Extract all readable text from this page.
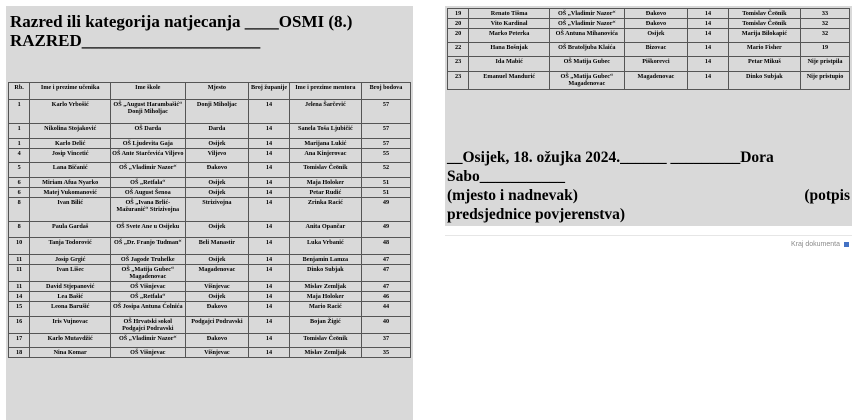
Razred ili kategorija natjecanja ____OSMI (8.)
RAZRED_____________________
Rb.	Ime i prezime učenika	Ime škole	Mjesto	Broj županije	Ime i prezime mentora	Broj bodova
1	Karlo Vrbošić	OŠ „August Harambašić“ Donji Miholjac	Donji Miholjac	14	Jelena Šarčević	57
1	Nikolina Stojaković	OŠ Darda	Darda	14	Sanela Toša Ljubičić	57
1	Karlo Delić	OŠ Ljudevita Gaja	Osijek	14	Marijana Lukić	57
4	Josip Vincetić	OŠ Ante Starčevića Viljevo	Viljevo	14	Ana Kinjerovac	55
5	Lana Bičanić	OŠ „Vladimir Nazor“	Đakovo	14	Tomislav Čeönik	52
6	Miriam Afua Nyarko	OŠ „Retfala“	Osijek	14	Maja Holoker	51
6	Matej Vukomanović	OŠ August Šenoa	Osijek	14	Petar Rudić	51
8	Ivan Bilić	OŠ „Ivana Brlić-Mažuranić“ Strizivojna	Strizivojna	14	Zrinka Racić	49
8	Paula Gardaš	OŠ Svete Ane u Osijeku	Osijek	14	Anita Opančar	49
10	Tanja Todorović	OŠ „Dr. Franjo Tuđman“	Beli Manastir	14	Luka Vrbanić	48
11	Josip Grgić	OŠ Jagode Truhelke	Osijek	14	Benjamin Lamza	47
11	Ivan Lišec	OŠ „Matija Gubec“ Magadenovac	Magadenovac	14	Dinko Subjak	47
11	David Stjepanović	OŠ Višnjevac	Višnjevac	14	Mislav Zemljak	47
14	Lea Bašić	OŠ „Retfala“	Osijek	14	Maja Holoker	46
15	Leona Barušić	OŠ Josipa Antuna Ćolnića	Đakovo	14	Mario Racić	44
16	Iris Vujnovac	OŠ Hrvatski sokol Podgajci Podravski	Podgajci Podravski	14	Bojan Žigić	40
17	Karlo Mutavdžić	OŠ „Vladimir Nazor“	Đakovo	14	Tomislav Čeönik	37
18	Nina Komar	OŠ Višnjevac	Višnjevac	14	Mislav Zemljak	35
19	Renato Tišma	OŠ „Vladimir Nazor“	Đakovo	14	Tomislav Čeönik	33
20	Vito Kardinal	OŠ „Vladimir Nazor“	Đakovo	14	Tomislav Čeönik	32
20	Marko Peterka	OŠ Antuna Mihanovića	Osijek	14	Marija Bilokapić	32
22	Hana Bošnjak	OŠ Bratoljuba Klaića	Bizovac	14	Mario Fisher	19
23	Ida Mabić	OŠ Matija Gubec	Piškorevci	14	Petar Mikuš	Nije pristpila
23	Emanuel Mandurić	OŠ „Matija Gubec“ Magadenovac	Magadenovac	14	Dinko Subjak	Nije pristupio
__Osijek, 18. ožujka 2024.______ _________Dora
Sabo___________
(mjesto i nadnevak)	(potpis
predsjednice povjerenstva)
Kraj dokumenta
